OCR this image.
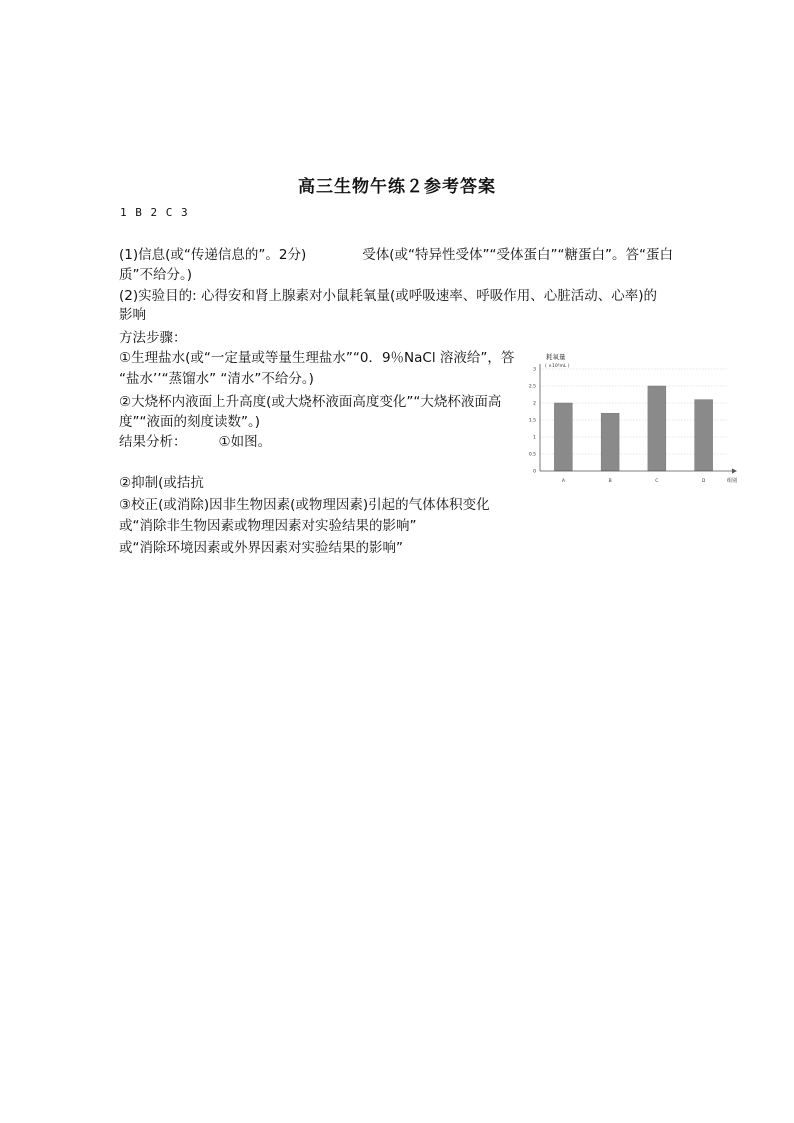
高三生物午练２参考答案
1 B 2 C 3
(1)信息(或“传递信息的”。2分)	受体(或“特异性受体”“受体蛋白”“糖蛋白”。答“蛋白
质”不给分。)
(2)实验目的: 心得安和肾上腺素对小鼠耗氧量(或呼吸速率、呼吸作用、心脏活动、心率)的
影响
方法步骤：
①生理盐水(或“一定量或等量生理盐水”“0．9％NaCl 溶液给”，答
“盐水’’“蒸馏水” “清水”不给分。)
②大烧杯内液面上升高度(或大烧杯液面高度变化”“大烧杯液面高
度”“液面的刻度读数”。)
结果分析： ①如图。
②抑制(或拮抗
③校正(或消除)因非生物因素(或物理因素)引起的气体体积变化
或“消除非生物因素或物理因素对实验结果的影响”
或“消除环境因素或外界因素对实验结果的影响”
0
0.5
1
1.5
2
2.5
3
A	B	C	D
耗氧量
( ×10³mL )
组别
